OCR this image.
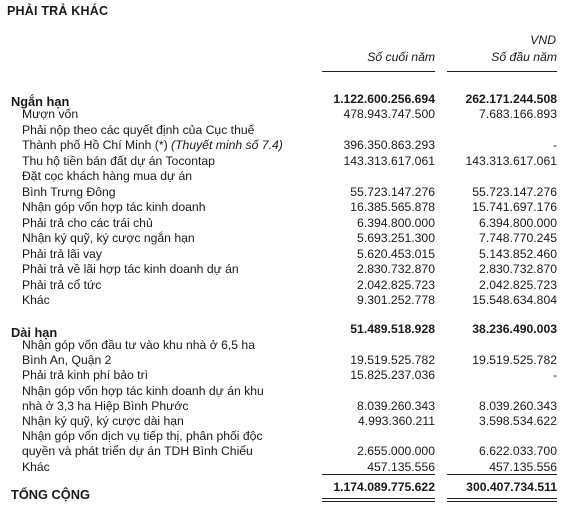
PHẢI TRẢ KHÁC
VND
Số cuối năm	Số đầu năm
Ngắn hạn	1.122.600.256.694	262.171.244.508
Mượn vốn	478.943.747.500	7.683.166.893
Phải nộp theo các quyết định của Cục thuế
Thành phố Hồ Chí Minh (*) (Thuyết minh số 7.4)	396.350.863.293	-
Thu hộ tiền bán đất dự án Tocontap	143.313.617.061	143.313.617.061
Đặt cọc khách hàng mua dự án
Bình Trưng Đông	55.723.147.276	55.723.147.276
Nhận góp vốn hợp tác kinh doanh	16.385.565.878	15.741.697.176
Phải trả cho các trái chủ	6.394.800.000	6.394.800.000
Nhận ký quỹ, ký cược ngắn hạn	5.693.251.300	7.748.770.245
Phải trả lãi vay	5.620.453.015	5.143.852.460
Phải trả về lãi hợp tác kinh doanh dự án	2.830.732.870	2.830.732.870
Phải trả cổ tức	2.042.825.723	2.042.825.723
Khác	9.301.252.778	15.548.634.804
Dài hạn	51.489.518.928	38.236.490.003
Nhận góp vốn đầu tư vào khu nhà ở 6,5 ha
Bình An, Quận 2	19.519.525.782	19.519.525.782
Phải trả kinh phí bảo trì	15.825.237.036	-
Nhận góp vốn hợp tác kinh doanh dự án khu
nhà ở 3,3 ha Hiệp Bình Phước	8.039.260.343	8.039.260.343
Nhận ký quỹ, ký cược dài hạn	4.993.360.211	3.598.534.622
Nhận góp vốn dịch vụ tiếp thị, phân phối độc
quyền và phát triển dự án TDH Bình Chiểu	2.655.000.000	6.622.033.700
Khác	457.135.556	457.135.556
TỔNG CỘNG	1.174.089.775.622	300.407.734.511
